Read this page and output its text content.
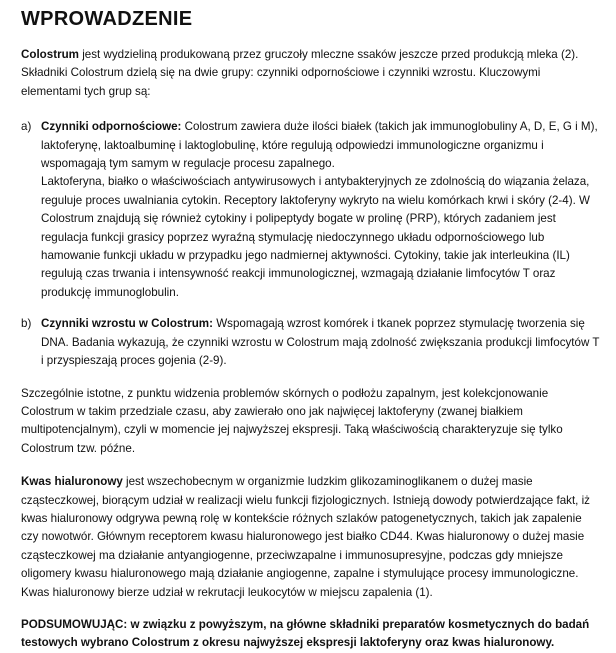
WPROWADZENIE

Colostrum jest wydzieliną produkowaną przez gruczoły mleczne ssaków jeszcze przed produkcją mleka (2). Składniki Colostrum dzielą się na dwie grupy: czynniki odpornościowe i czynniki wzrostu. Kluczowymi elementami tych grup są:

a) Czynniki odpornościowe: Colostrum zawiera duże ilości białek (takich jak immunoglobuliny A, D, E, G i M), laktoferynę, laktoalbuminę i laktoglobulinę, które regulują odpowiedzi immunologiczne organizmu i wspomagają tym samym w regulacje procesu zapalnego.

Laktoferyna, białko o właściwościach antywirusowych i antybakteryjnych ze zdolnością do wiązania żelaza, reguluje proces uwalniania cytokin. Receptory laktoferyny wykryto na wielu komórkach krwi i skóry (2-4). W Colostrum znajdują się również cytokiny i polipeptydy bogate w prolinę (PRP), których zadaniem jest regulacja funkcji grasicy poprzez wyraźną stymulację niedoczynnego układu odpornościowego lub hamowanie funkcji układu w przypadku jego nadmiernej aktywności. Cytokiny, takie jak interleukina (IL) regulują czas trwania i intensywność reakcji immunologicznej, wzmagają działanie limfocytów T oraz produkcję immunoglobulin.

b) Czynniki wzrostu w Colostrum: Wspomagają wzrost komórek i tkanek poprzez stymulację tworzenia się DNA. Badania wykazują, że czynniki wzrostu w Colostrum mają zdolność zwiększania produkcji limfocytów T i przyspieszają proces gojenia (2-9).

Szczególnie istotne, z punktu widzenia problemów skórnych o podłożu zapalnym, jest kolekcjonowanie Colostrum w takim przedziale czasu, aby zawierało ono jak najwięcej laktoferyny (zwanej białkiem multipotencjalnym), czyli w momencie jej najwyższej ekspresji. Taką właściwością charakteryzuje się tylko Colostrum tzw. późne.

Kwas hialuronowy jest wszechobecnym w organizmie ludzkim glikozaminoglikanem o dużej masie cząsteczkowej, biorącym udział w realizacji wielu funkcji fizjologicznych. Istnieją dowody potwierdzające fakt, iż kwas hialuronowy odgrywa pewną rolę w kontekście różnych szlaków patogenetycznych, takich jak zapalenie czy nowotwór. Głównym receptorem kwasu hialuronowego jest białko CD44. Kwas hialuronowy o dużej masie cząsteczkowej ma działanie antyangiogenne, przeciwzapalne i immunosupresyjne, podczas gdy mniejsze oligomery kwasu hialuronowego mają działanie angiogenne, zapalne i stymulujące procesy immunologiczne. Kwas hialuronowy bierze udział w rekrutacji leukocytów w miejscu zapalenia (1).

PODSUMOWUJĄC: w związku z powyższym, na główne składniki preparatów kosmetycznych do badań testowych wybrano Colostrum z okresu najwyższej ekspresji laktoferyny oraz kwas hialuronowy.
